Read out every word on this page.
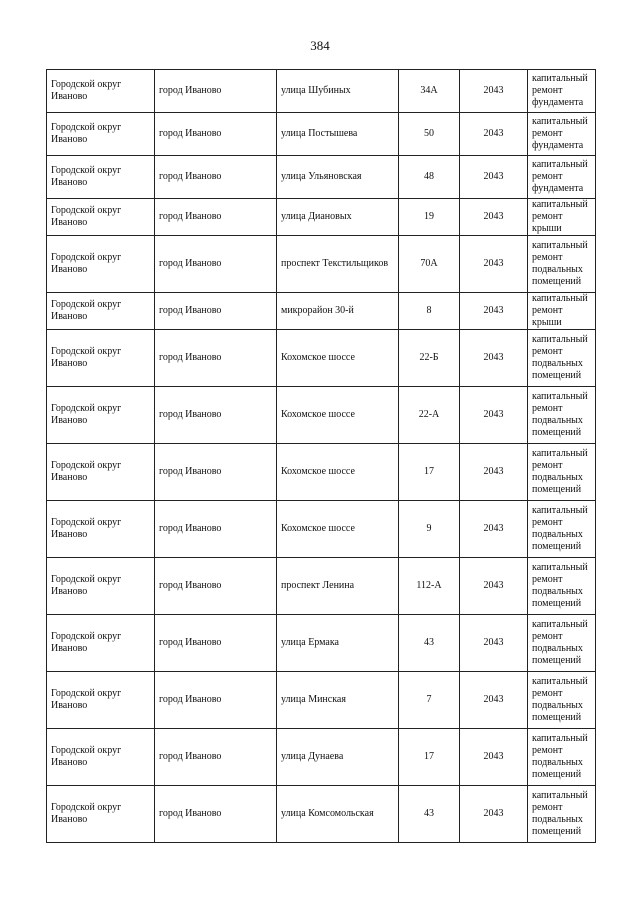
384
Городской округ Иваново	город Иваново	улица Шубиных	34А	2043	капитальный ремонт фундамента
Городской округ Иваново	город Иваново	улица Постышева	50	2043	капитальный ремонт фундамента
Городской округ Иваново	город Иваново	улица Ульяновская	48	2043	капитальный ремонт фундамента
Городской округ Иваново	город Иваново	улица Диановых	19	2043	капитальный ремонт крыши
Городской округ Иваново	город Иваново	проспект Текстильщиков	70А	2043	капитальный ремонт подвальных помещений
Городской округ Иваново	город Иваново	микрорайон 30-й	8	2043	капитальный ремонт крыши
Городской округ Иваново	город Иваново	Кохомское шоссе	22-Б	2043	капитальный ремонт подвальных помещений
Городской округ Иваново	город Иваново	Кохомское шоссе	22-А	2043	капитальный ремонт подвальных помещений
Городской округ Иваново	город Иваново	Кохомское шоссе	17	2043	капитальный ремонт подвальных помещений
Городской округ Иваново	город Иваново	Кохомское шоссе	9	2043	капитальный ремонт подвальных помещений
Городской округ Иваново	город Иваново	проспект Ленина	112-А	2043	капитальный ремонт подвальных помещений
Городской округ Иваново	город Иваново	улица Ермака	43	2043	капитальный ремонт подвальных помещений
Городской округ Иваново	город Иваново	улица Минская	7	2043	капитальный ремонт подвальных помещений
Городской округ Иваново	город Иваново	улица Дунаева	17	2043	капитальный ремонт подвальных помещений
Городской округ Иваново	город Иваново	улица Комсомольская	43	2043	капитальный ремонт подвальных помещений
